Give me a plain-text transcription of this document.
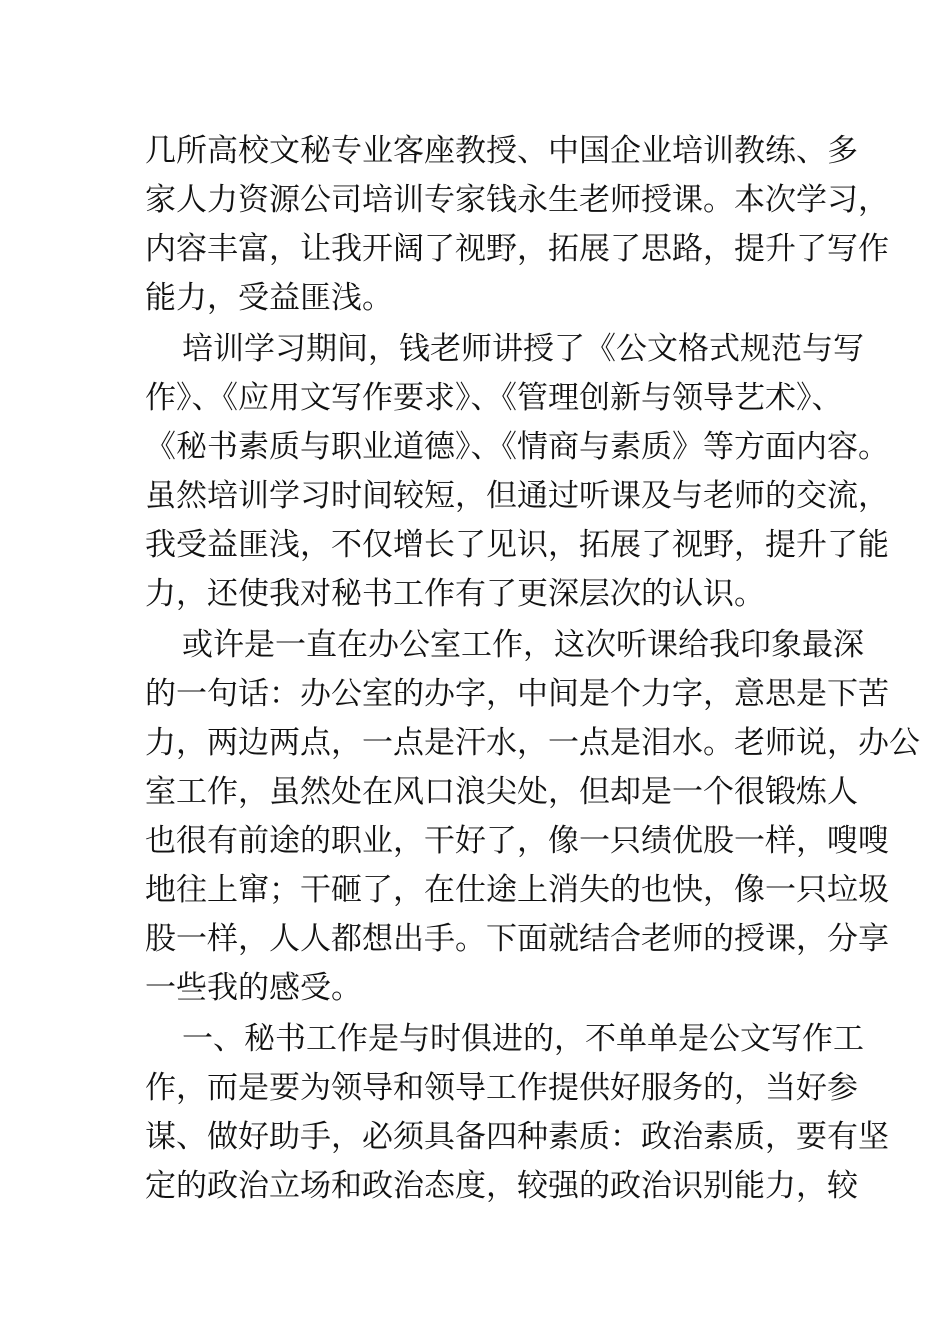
几所高校文秘专业客座教授、中国企业培训教练、多
家人力资源公司培训专家钱永生老师授课。本次学习，
内容丰富，让我开阔了视野，拓展了思路，提升了写作
能力，受益匪浅。
培训学习期间，钱老师讲授了《公文格式规范与写
作》、《应用文写作要求》、《管理创新与领导艺术》、
《秘书素质与职业道德》、《情商与素质》等方面内容。
虽然培训学习时间较短，但通过听课及与老师的交流，
我受益匪浅，不仅增长了见识，拓展了视野，提升了能
力，还使我对秘书工作有了更深层次的认识。
或许是一直在办公室工作，这次听课给我印象最深
的一句话：办公室的办字，中间是个力字，意思是下苦
力，两边两点，一点是汗水，一点是泪水。老师说，办公
室工作，虽然处在风口浪尖处，但却是一个很锻炼人
也很有前途的职业，干好了，像一只绩优股一样，嗖嗖
地往上窜；干砸了，在仕途上消失的也快，像一只垃圾
股一样，人人都想出手。下面就结合老师的授课，分享
一些我的感受。
一、秘书工作是与时俱进的，不单单是公文写作工
作，而是要为领导和领导工作提供好服务的，当好参
谋、做好助手，必须具备四种素质：政治素质，要有坚
定的政治立场和政治态度，较强的政治识别能力，较
